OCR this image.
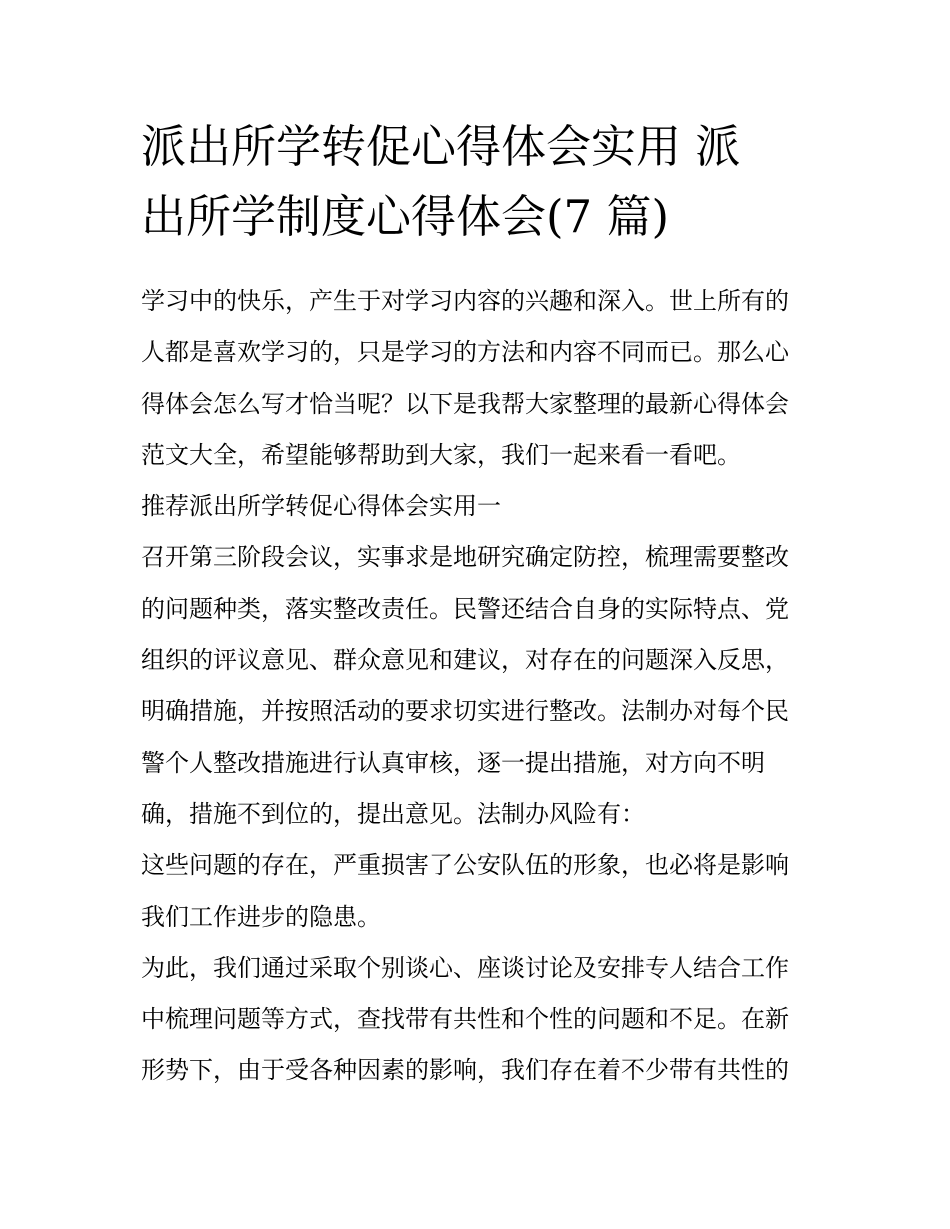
派出所学转促心得体会实用 派
出所学制度心得体会(7 篇)

学习中的快乐，产生于对学习内容的兴趣和深入。世上所有的

人都是喜欢学习的，只是学习的方法和内容不同而已。那么心

得体会怎么写才恰当呢？以下是我帮大家整理的最新心得体会

范文大全，希望能够帮助到大家，我们一起来看一看吧。

推荐派出所学转促心得体会实用一

召开第三阶段会议，实事求是地研究确定防控，梳理需要整改

的问题种类，落实整改责任。民警还结合自身的实际特点、党

组织的评议意见、群众意见和建议，对存在的问题深入反思，

明确措施，并按照活动的要求切实进行整改。法制办对每个民

警个人整改措施进行认真审核，逐一提出措施，对方向不明

确，措施不到位的，提出意见。法制办风险有：

这些问题的存在，严重损害了公安队伍的形象，也必将是影响

我们工作进步的隐患。

为此，我们通过采取个别谈心、座谈讨论及安排专人结合工作

中梳理问题等方式，查找带有共性和个性的问题和不足。在新

形势下，由于受各种因素的影响，我们存在着不少带有共性的
